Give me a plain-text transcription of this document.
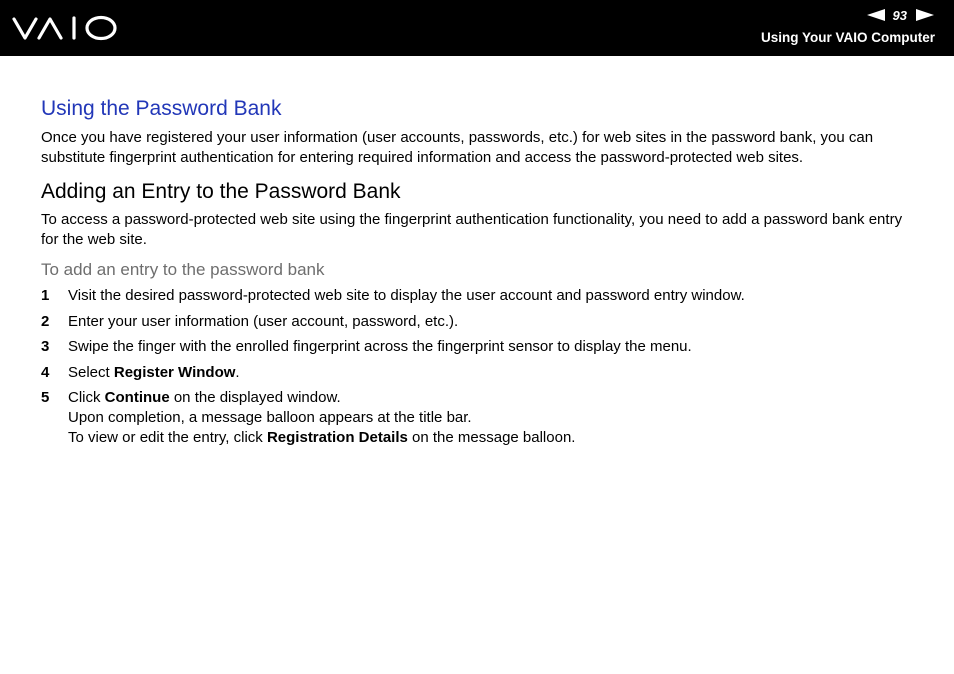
93
Using Your VAIO Computer
Using the Password Bank

Once you have registered your user information (user accounts, passwords, etc.) for web sites in the password bank, you can substitute fingerprint authentication for entering required information and access the password-protected web sites.

Adding an Entry to the Password Bank

To access a password-protected web site using the fingerprint authentication functionality, you need to add a password bank entry for the web site.

To add an entry to the password bank
1 Visit the desired password-protected web site to display the user account and password entry window.
2 Enter your user information (user account, password, etc.).
3 Swipe the finger with the enrolled fingerprint across the fingerprint sensor to display the menu.
4 Select Register Window.
5 Click Continue on the displayed window.
Upon completion, a message balloon appears at the title bar.
To view or edit the entry, click Registration Details on the message balloon.
